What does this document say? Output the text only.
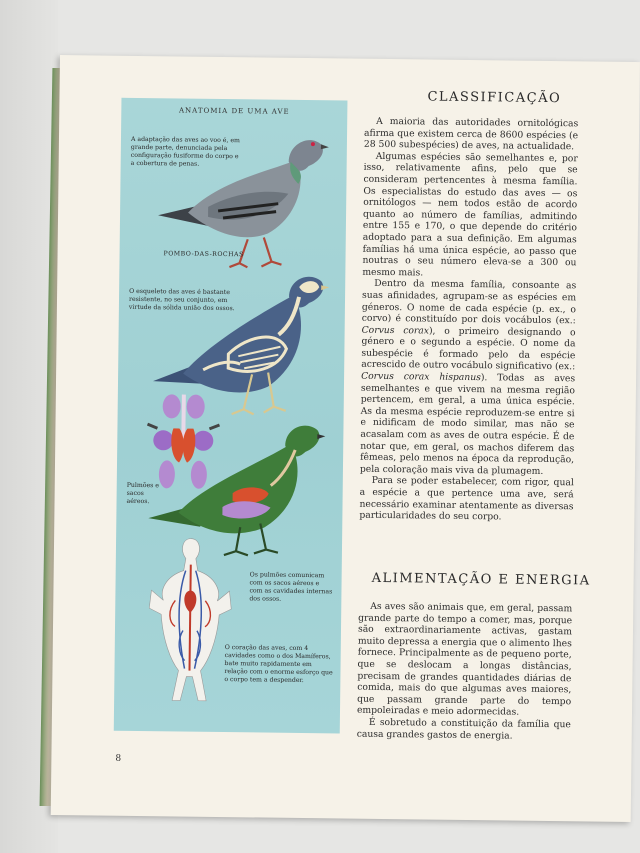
ANATOMIA DE UMA AVE
A adaptação das aves ao voo é, em grande parte, denunciada pela configuração fusiforme do corpo e a cobertura de penas.
POMBO-DAS-ROCHAS
O esqueleto das aves é bastante resistente, no seu conjunto, em virtude da sólida união dos ossos.
Pulmões e sacos aéreos.
Os pulmões comunicam com os sacos aéreos e com as cavidades internas dos ossos.
O coração das aves, com 4 cavidades como o dos Mamíferos, bate muito rapidamente em relação com o enorme esforço que o corpo tem a despender.
8
CLASSIFICAÇÃO

A maioria das autoridades ornitológicas afirma que existem cerca de 8600 espécies (e 28 500 subespécies) de aves, na actualidade.

Algumas espécies são semelhantes e, por isso, relativamente afins, pelo que se consideram pertencentes à mesma família. Os especialistas do estudo das aves — os ornitólogos — nem todos estão de acordo quanto ao número de famílias, admitindo entre 155 e 170, o que depende do critério adoptado para a sua definição. Em algumas famílias há uma única espécie, ao passo que noutras o seu número eleva-se a 300 ou mesmo mais.

Dentro da mesma família, consoante as suas afinidades, agrupam-se as espécies em géneros. O nome de cada espécie (p. ex., o corvo) é constituído por dois vocábulos (ex.: Corvus corax), o primeiro designando o género e o segundo a espécie. O nome da subespécie é formado pelo da espécie acrescido de outro vocábulo significativo (ex.: Corvus corax hispanus). Todas as aves semelhantes e que vivem na mesma região pertencem, em geral, a uma única espécie. As da mesma espécie reproduzem-se entre si e nidificam de modo similar, mas não se acasalam com as aves de outra espécie. É de notar que, em geral, os machos diferem das fêmeas, pelo menos na época da reprodução, pela coloração mais viva da plumagem.

Para se poder estabelecer, com rigor, qual a espécie a que pertence uma ave, será necessário examinar atentamente as diversas particularidades do seu corpo.

ALIMENTAÇÃO E ENERGIA

As aves são animais que, em geral, passam grande parte do tempo a comer, mas, porque são extraordinariamente activas, gastam muito depressa a energia que o alimento lhes fornece. Principalmente as de pequeno porte, que se deslocam a longas distâncias, precisam de grandes quantidades diárias de comida, mais do que algumas aves maiores, que passam grande parte do tempo empoleiradas e meio adormecidas.

É sobretudo a constituição da família que causa grandes gastos de energia.
